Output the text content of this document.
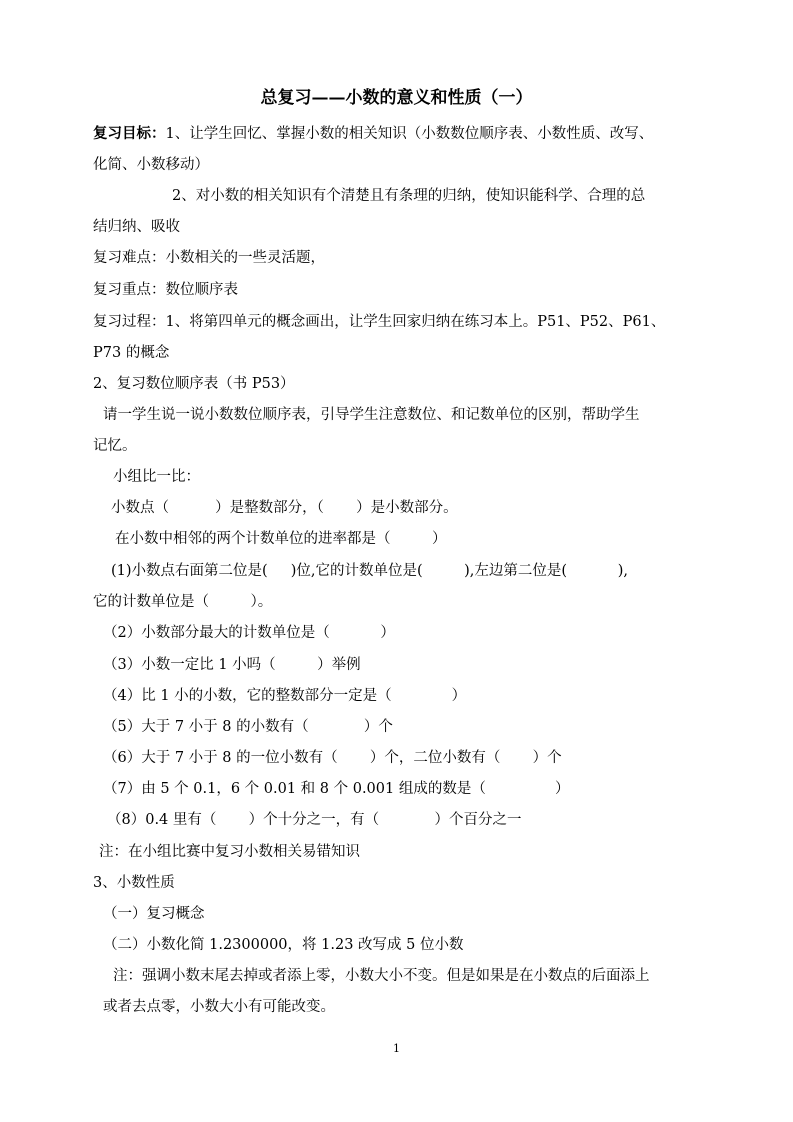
总复习——小数的意义和性质（一）
复习目标：1、让学生回忆、掌握小数的相关知识（小数数位顺序表、小数性质、改写、
化简、小数移动）
2、对小数的相关知识有个清楚且有条理的归纳，使知识能科学、合理的总
结归纳、吸收
复习难点：小数相关的一些灵活题，
复习重点：数位顺序表
复习过程：1、将第四单元的概念画出，让学生回家归纳在练习本上。P51、P52、P61、
P73 的概念
2、复习数位顺序表（书 P53）
请一学生说一说小数数位顺序表，引导学生注意数位、和记数单位的区别，帮助学生
记忆。
小组比一比：
小数点（          ）是整数部分，（       ）是小数部分。
在小数中相邻的两个计数单位的进率都是（         ）
(1)小数点右面第二位是(     )位,它的计数单位是(         ),左边第二位是(           ),
它的计数单位是（         ）。
（2）小数部分最大的计数单位是（           ）
（3）小数一定比 1 小吗（         ）举例
（4）比 1 小的小数，它的整数部分一定是（             ）
（5）大于 7 小于 8 的小数有（            ）个
（6）大于 7 小于 8 的一位小数有（       ）个，二位小数有（       ）个
（7）由 5 个 0.1，6 个 0.01 和 8 个 0.001 组成的数是（               ）
（8）0.4 里有（       ）个十分之一，有（            ）个百分之一
注：在小组比赛中复习小数相关易错知识
3、小数性质
（一）复习概念
（二）小数化简 1.2300000，将 1.23 改写成 5 位小数
注：强调小数末尾去掉或者添上零，小数大小不变。但是如果是在小数点的后面添上
或者去点零，小数大小有可能改变。
1
